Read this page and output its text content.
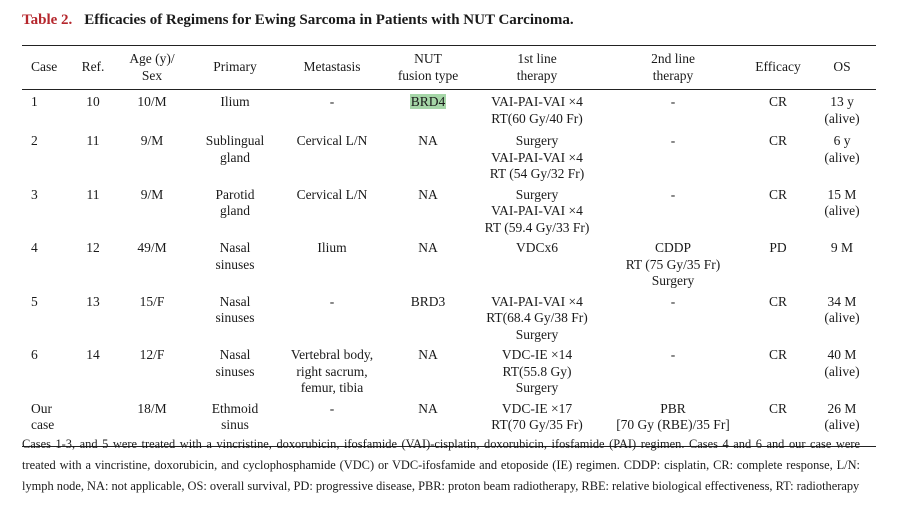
Table 2. Efficacies of Regimens for Ewing Sarcoma in Patients with NUT Carcinoma.
Case	Ref.	Age (y)/
Sex	Primary	Metastasis	NUT
fusion type	1st line
therapy	2nd line
therapy	Efficacy	OS

1	10	10/M	Ilium	-	BRD4	VAI-PAI-VAI ×4
RT(60 Gy/40 Fr)	-	CR	13 y
(alive)

2	11	9/M	Sublingual
gland	Cervical L/N	NA	Surgery
VAI-PAI-VAI ×4
RT (54 Gy/32 Fr)	-	CR	6 y
(alive)

3	11	9/M	Parotid
gland	Cervical L/N	NA	Surgery
VAI-PAI-VAI ×4
RT (59.4 Gy/33 Fr)	-	CR	15 M
(alive)

4	12	49/M	Nasal
sinuses	Ilium	NA	VDCx6	CDDP
RT (75 Gy/35 Fr)
Surgery	PD	9 M

5	13	15/F	Nasal
sinuses	-	BRD3	VAI-PAI-VAI ×4
RT(68.4 Gy/38 Fr)
Surgery	-	CR	34 M
(alive)

6	14	12/F	Nasal
sinuses	Vertebral body,
right sacrum,
femur, tibia	NA	VDC-IE ×14
RT(55.8 Gy)
Surgery	-	CR	40 M
(alive)

Our
case		18/M	Ethmoid
sinus	-	NA	VDC-IE ×17
RT(70 Gy/35 Fr)	PBR
[70 Gy (RBE)/35 Fr]	CR	26 M
(alive)
Cases 1-3, and 5 were treated with a vincristine, doxorubicin, ifosfamide (VAI)-cisplatin, doxorubicin, ifosfamide (PAI) regimen. Cases 4 and 6 and our case were treated with a vincristine, doxorubicin, and cyclophosphamide (VDC) or VDC-ifosfamide and etoposide (IE) regimen. CDDP: cisplatin, CR: complete response, L/N: lymph node, NA: not applicable, OS: overall survival, PD: progressive disease, PBR: proton beam radiotherapy, RBE: relative biological effectiveness, RT: radiotherapy
